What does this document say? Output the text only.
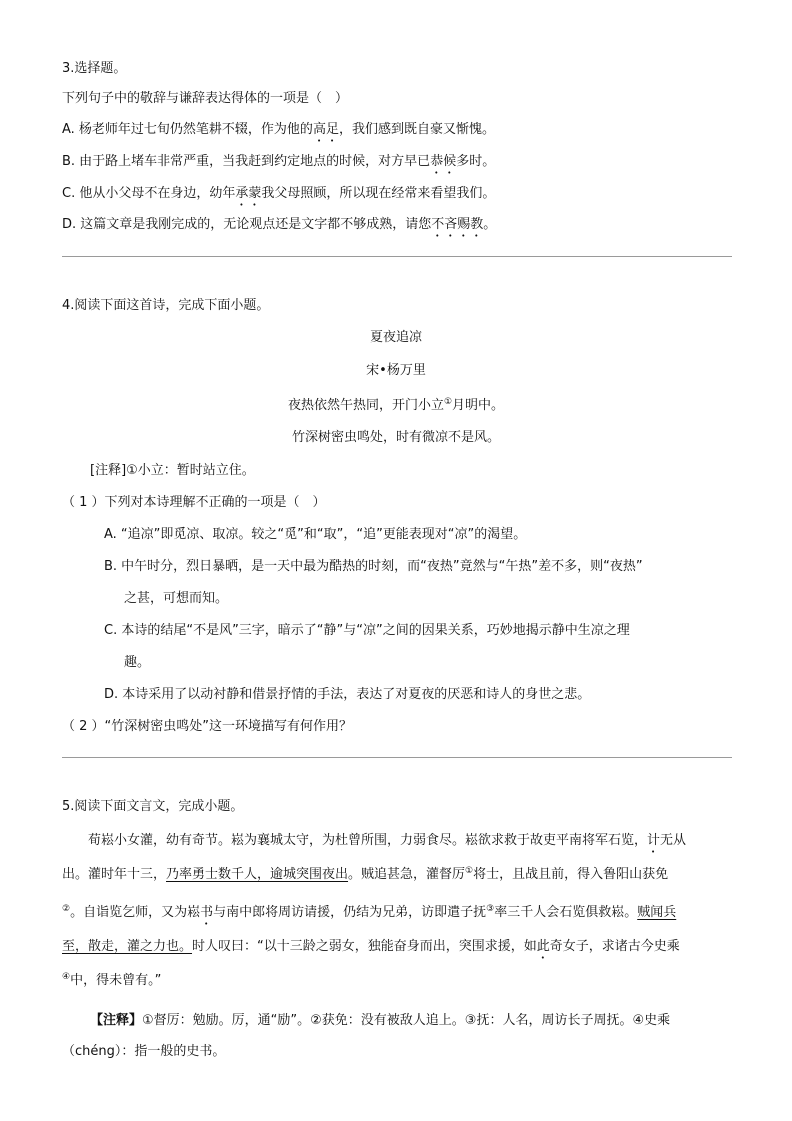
3.选择题。
下列句子中的敬辞与谦辞表达得体的一项是（　）
A. 杨老师年过七旬仍然笔耕不辍，作为他的高足，我们感到既自豪又惭愧。
B. 由于路上堵车非常严重，当我赶到约定地点的时候，对方早已恭候多时。
C. 他从小父母不在身边，幼年承蒙我父母照顾，所以现在经常来看望我们。
D. 这篇文章是我刚完成的，无论观点还是文字都不够成熟，请您不吝赐教。
4.阅读下面这首诗，完成下面小题。
夏夜追凉
宋•杨万里
夜热依然午热同，开门小立①月明中。
竹深树密虫鸣处，时有微凉不是风。
[注释]①小立：暂时站立住。
（ 1 ）下列对本诗理解不正确的一项是（　）
A. “追凉”即觅凉、取凉。较之“觅”和“取”，“追”更能表现对“凉”的渴望。
B. 中午时分，烈日暴晒，是一天中最为酷热的时刻，而“夜热”竟然与“午热”差不多，则“夜热”
之甚，可想而知。
C. 本诗的结尾“不是风”三字，暗示了“静”与“凉”之间的因果关系，巧妙地揭示静中生凉之理
趣。
D. 本诗采用了以动衬静和借景抒情的手法，表达了对夏夜的厌恶和诗人的身世之悲。
（ 2 ）“竹深树密虫鸣处”这一环境描写有何作用？
5.阅读下面文言文，完成小题。
　　荀崧小女灌，幼有奇节。崧为襄城太守，为杜曾所围，力弱食尽。崧欲求救于故吏平南将军石览，计无从
出。灌时年十三，乃率勇士数千人，逾城突围夜出。贼追甚急，灌督厉①将士，且战且前，得入鲁阳山获免
②。自诣览乞师，又为崧书与南中郎将周访请援，仍结为兄弟，访即遣子抚③率三千人会石览俱救崧。贼闻兵
至，散走，灌之力也。时人叹曰：“以十三龄之弱女，独能奋身而出，突围求援，如此奇女子，求诸古今史乘
④中，得未曾有。”
【注释】①督厉：勉励。厉，通“励”。②获免：没有被敌人追上。③抚：人名，周访长子周抚。④史乘
（chéng）：指一般的史书。
